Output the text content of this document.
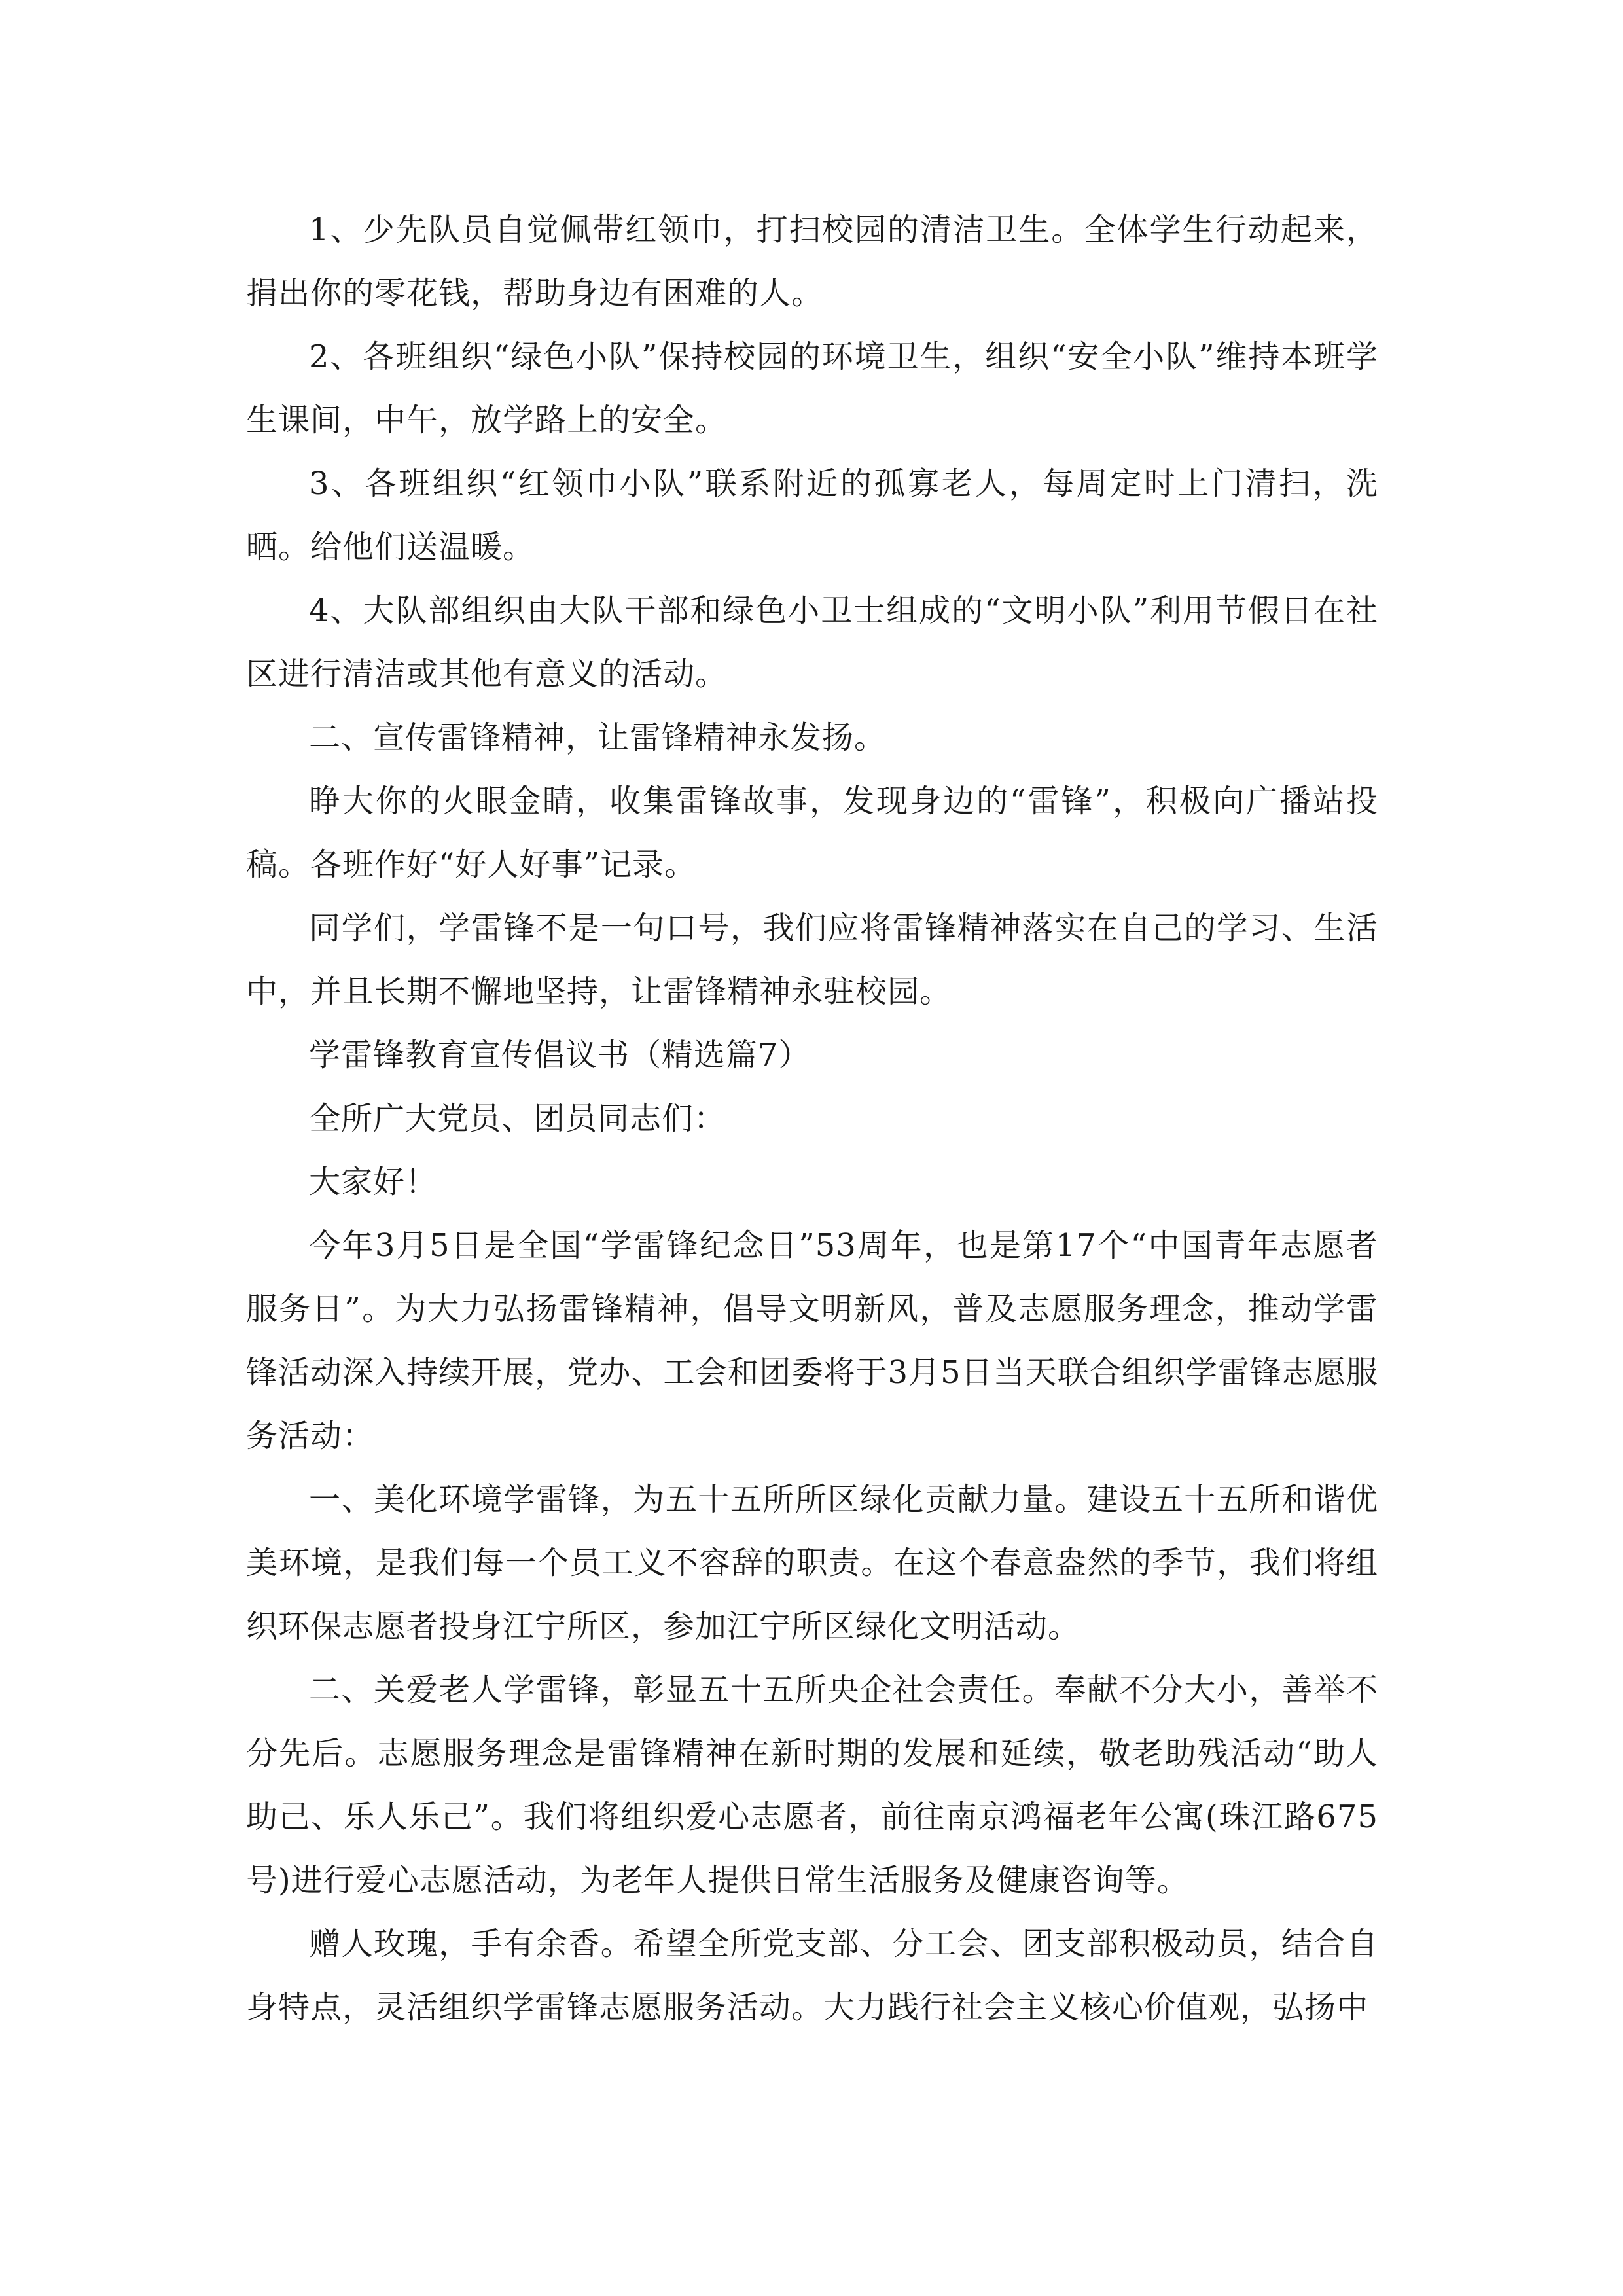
1、少先队员自觉佩带红领巾，打扫校园的清洁卫生。全体学生行动起来，捐出你的零花钱，帮助身边有困难的人。

2、各班组织“绿色小队”保持校园的环境卫生，组织“安全小队”维持本班学生课间，中午，放学路上的安全。

3、各班组织“红领巾小队”联系附近的孤寡老人，每周定时上门清扫，洗晒。给他们送温暖。

4、大队部组织由大队干部和绿色小卫士组成的“文明小队”利用节假日在社区进行清洁或其他有意义的活动。

二、宣传雷锋精神，让雷锋精神永发扬。

睁大你的火眼金睛，收集雷锋故事，发现身边的“雷锋”，积极向广播站投稿。各班作好“好人好事”记录。

同学们，学雷锋不是一句口号，我们应将雷锋精神落实在自己的学习、生活中，并且长期不懈地坚持，让雷锋精神永驻校园。

学雷锋教育宣传倡议书（精选篇7）

全所广大党员、团员同志们：

大家好！

今年3月5日是全国“学雷锋纪念日”53周年，也是第17个“中国青年志愿者服务日”。为大力弘扬雷锋精神，倡导文明新风，普及志愿服务理念，推动学雷锋活动深入持续开展，党办、工会和团委将于3月5日当天联合组织学雷锋志愿服务活动：

一、美化环境学雷锋，为五十五所所区绿化贡献力量。建设五十五所和谐优美环境，是我们每一个员工义不容辞的职责。在这个春意盎然的季节，我们将组织环保志愿者投身江宁所区，参加江宁所区绿化文明活动。

二、关爱老人学雷锋，彰显五十五所央企社会责任。奉献不分大小，善举不分先后。志愿服务理念是雷锋精神在新时期的发展和延续，敬老助残活动“助人助己、乐人乐己”。我们将组织爱心志愿者，前往南京鸿福老年公寓(珠江路675号)进行爱心志愿活动，为老年人提供日常生活服务及健康咨询等。

赠人玫瑰，手有余香。希望全所党支部、分工会、团支部积极动员，结合自身特点，灵活组织学雷锋志愿服务活动。大力践行社会主义核心价值观，弘扬中
